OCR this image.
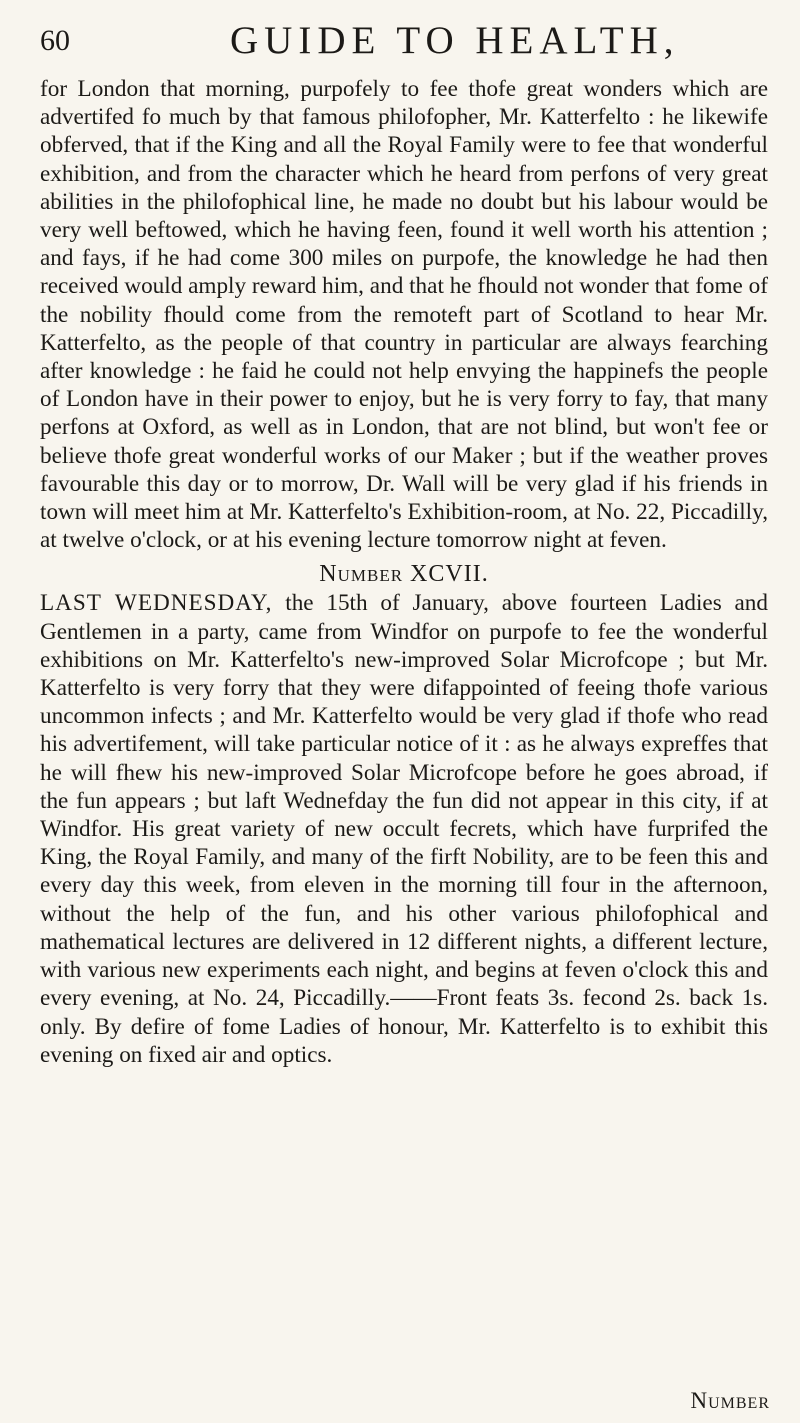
60	GUIDE TO HEALTH,

for London that morning, purpofely to fee thofe great wonders which are advertifed fo much by that famous philofopher, Mr. Katterfelto : he likewife obferved, that if the King and all the Royal Family were to fee that wonderful exhibition, and from the character which he heard from perfons of very great abilities in the philofophical line, he made no doubt but his labour would be very well beftowed, which he having feen, found it well worth his attention ; and fays, if he had come 300 miles on purpofe, the knowledge he had then received would amply reward him, and that he fhould not wonder that fome of the nobility fhould come from the remoteft part of Scotland to hear Mr. Katterfelto, as the people of that country in particular are always fearching after knowledge : he faid he could not help envying the happinefs the people of London have in their power to enjoy, but he is very forry to fay, that many perfons at Oxford, as well as in London, that are not blind, but won't fee or believe thofe great wonderful works of our Maker ; but if the weather proves favourable this day or to morrow, Dr. Wall will be very glad if his friends in town will meet him at Mr. Katterfelto's Exhibition-room, at No. 22, Piccadilly, at twelve o'clock, or at his evening lecture tomorrow night at feven.

Number XCVII.

LAST WEDNESDAY, the 15th of January, above fourteen Ladies and Gentlemen in a party, came from Windfor on purpofe to fee the wonderful exhibitions on Mr. Katterfelto's new-improved Solar Microfcope ; but Mr. Katterfelto is very forry that they were difappointed of feeing thofe various uncommon infects ; and Mr. Katterfelto would be very glad if thofe who read his advertifement, will take particular notice of it : as he always expreffes that he will fhew his new-improved Solar Microfcope before he goes abroad, if the fun appears ; but laft Wednefday the fun did not appear in this city, if at Windfor. His great variety of new occult fecrets, which have furprifed the King, the Royal Family, and many of the firft Nobility, are to be feen this and every day this week, from eleven in the morning till four in the afternoon, without the help of the fun, and his other various philofophical and mathematical lectures are delivered in 12 different nights, a different lecture, with various new experiments each night, and begins at feven o'clock this and every evening, at No. 24, Piccadilly.——Front feats 3s. fecond 2s. back 1s. only. By defire of fome Ladies of honour, Mr. Katterfelto is to exhibit this evening on fixed air and optics.

Number
